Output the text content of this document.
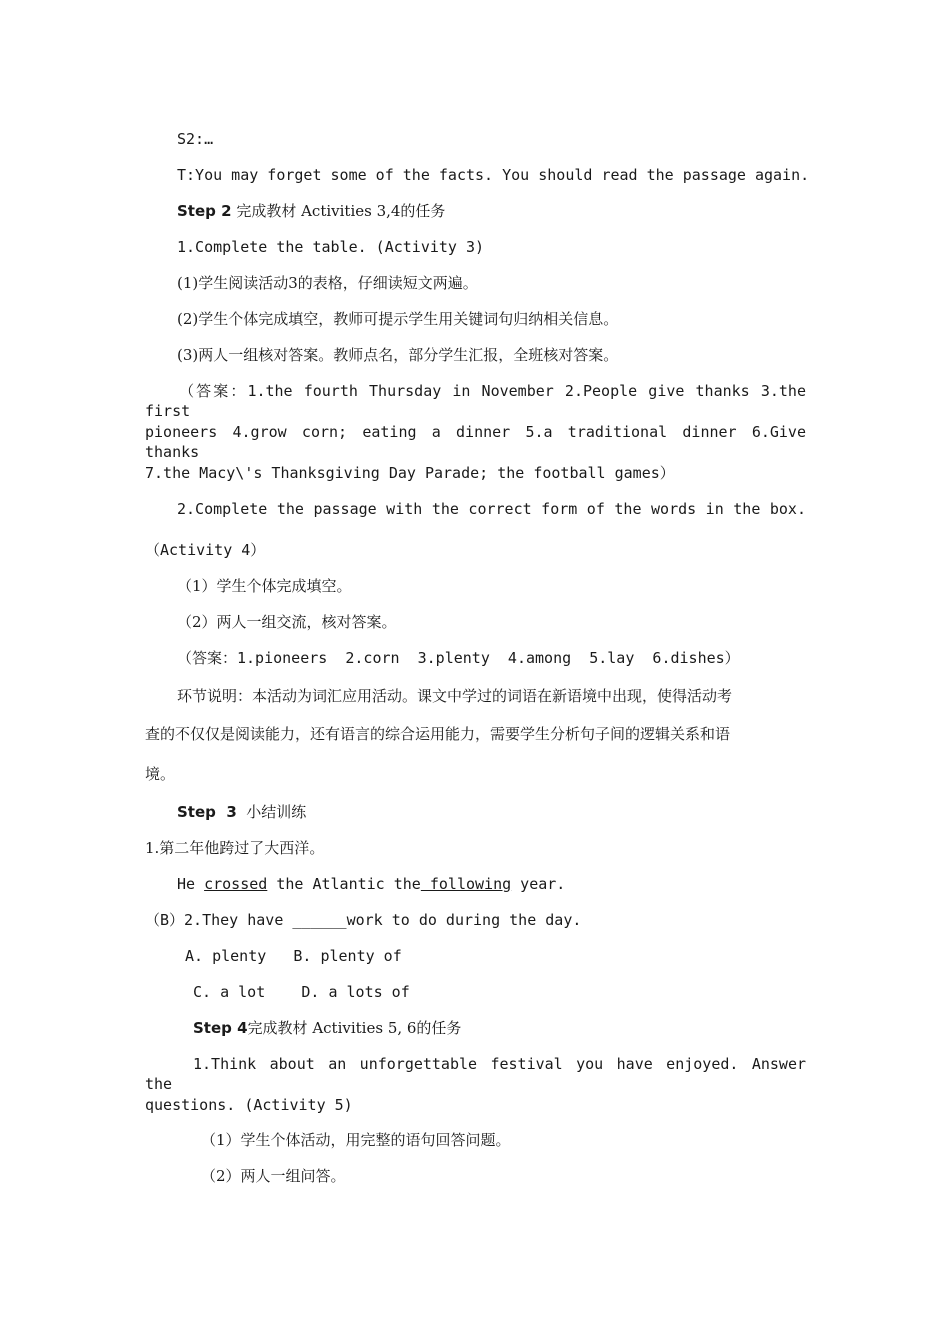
S2:…
T:You may forget some of the facts. You should read the passage again.
Step 2 完成教材 Activities 3,4的任务
1.Complete the table. (Activity 3)
(1)学生阅读活动3的表格，仔细读短文两遍。
(2)学生个体完成填空，教师可提示学生用关键词句归纳相关信息。
(3)两人一组核对答案。教师点名，部分学生汇报，全班核对答案。
（答案：1.the fourth Thursday in November 2.People give thanks 3.the first
pioneers 4.grow corn; eating a dinner 5.a traditional dinner 6.Give thanks
7.the Macy\'s Thanksgiving Day Parade; the football games）
2.Complete the passage with the correct form of the words in the box.
（Activity 4）
（1）学生个体完成填空。
（2）两人一组交流，核对答案。
（答案：1.pioneers  2.corn  3.plenty  4.among  5.lay  6.dishes）
环节说明：本活动为词汇应用活动。课文中学过的词语在新语境中出现，使得活动考
查的不仅仅是阅读能力，还有语言的综合运用能力，需要学生分析句子间的逻辑关系和语
境。
Step  3  小结训练
1.第二年他跨过了大西洋。
He crossed the Atlantic the following year.
（B）2.They have ______work to do during the day.
A. plenty   B. plenty of
C. a lot    D. a lots of
Step 4完成教材 Activities 5, 6的任务
1.Think about an unforgettable festival you have enjoyed. Answer the
questions. (Activity 5)
（1）学生个体活动，用完整的语句回答问题。
（2）两人一组问答。
